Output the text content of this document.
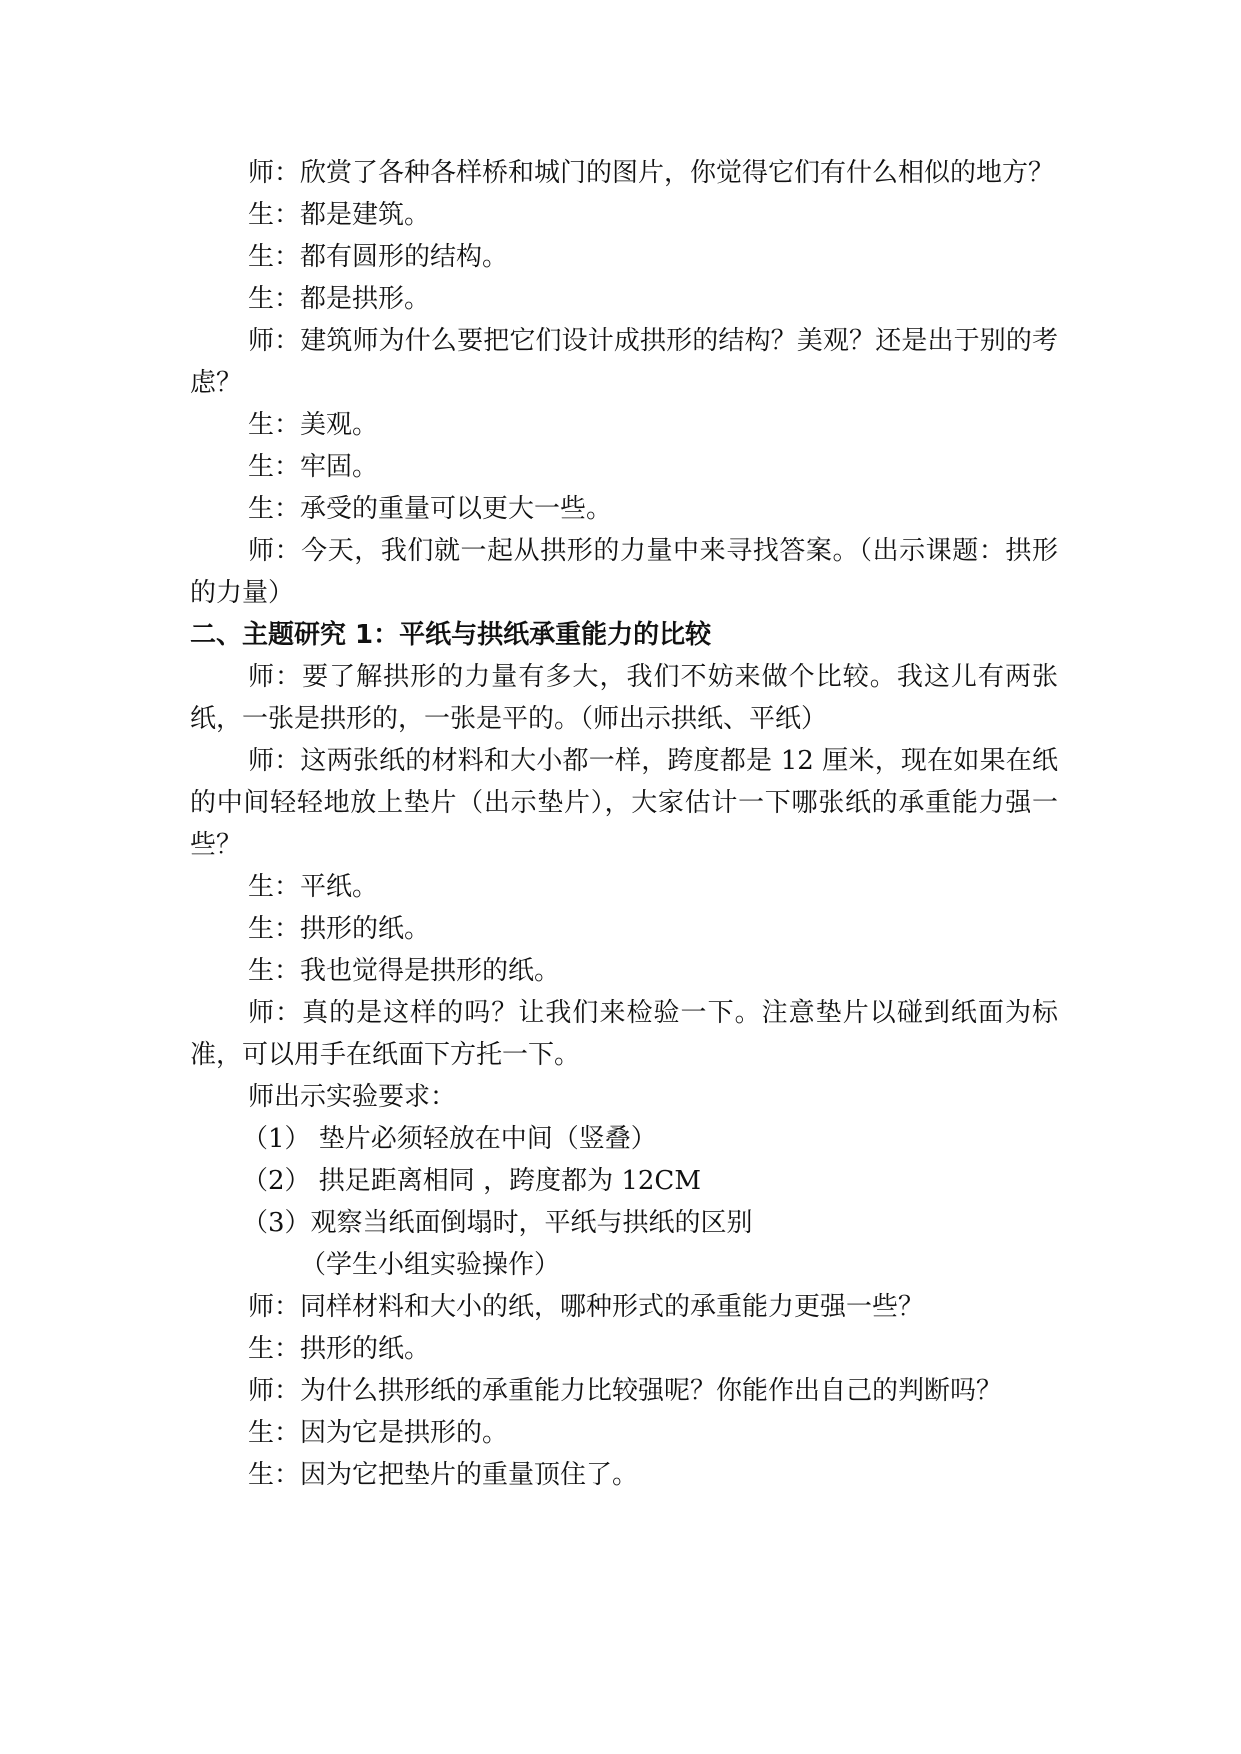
师：欣赏了各种各样桥和城门的图片，你觉得它们有什么相似的地方？

生：都是建筑。

生：都有圆形的结构。

生：都是拱形。

师：建筑师为什么要把它们设计成拱形的结构？美观？还是出于别的考虑？

生：美观。

生：牢固。

生：承受的重量可以更大一些。

师：今天，我们就一起从拱形的力量中来寻找答案。（出示课题：拱形的力量）

二、主题研究 1：平纸与拱纸承重能力的比较

师：要了解拱形的力量有多大，我们不妨来做个比较。我这儿有两张纸，一张是拱形的，一张是平的。（师出示拱纸、平纸）

师：这两张纸的材料和大小都一样，跨度都是 12 厘米，现在如果在纸的中间轻轻地放上垫片（出示垫片），大家估计一下哪张纸的承重能力强一些？

生：平纸。

生：拱形的纸。

生：我也觉得是拱形的纸。

师：真的是这样的吗？让我们来检验一下。注意垫片以碰到纸面为标准，可以用手在纸面下方托一下。

师出示实验要求：

（1） 垫片必须轻放在中间（竖叠）

（2） 拱足距离相同 ，跨度都为 12CM

（3）观察当纸面倒塌时，平纸与拱纸的区别

（学生小组实验操作）

师：同样材料和大小的纸，哪种形式的承重能力更强一些？

生：拱形的纸。

师：为什么拱形纸的承重能力比较强呢？你能作出自己的判断吗？

生：因为它是拱形的。

生：因为它把垫片的重量顶住了。
